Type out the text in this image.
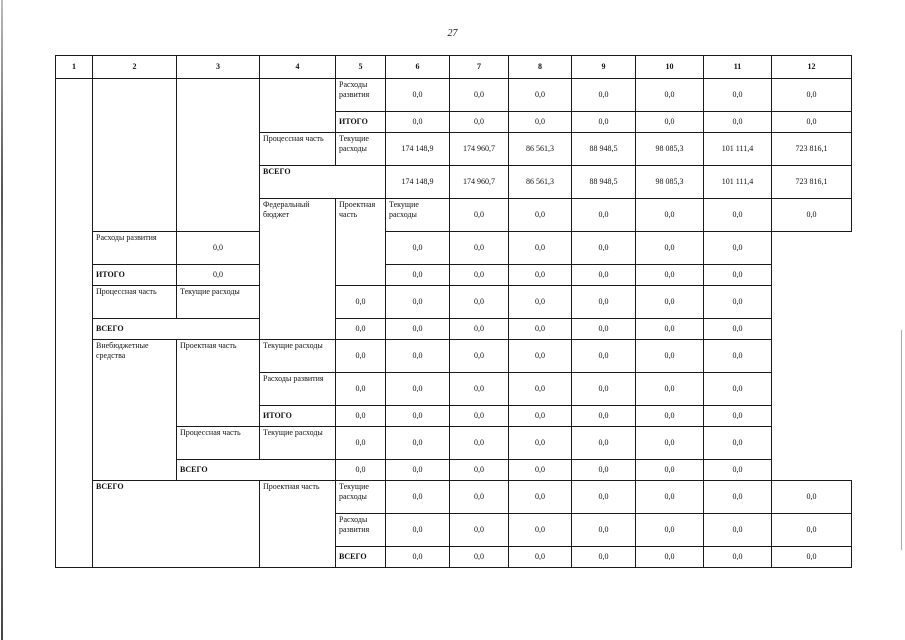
27
1	2	3	4	5	6	7	8	9	10	11	12	
				Расходы развития	0,0	0,0	0,0	0,0	0,0	0,0	0,0	
				ИТОГО	0,0	0,0	0,0	0,0	0,0	0,0	0,0	
			Процессная часть	Текущие расходы	174 148,9	174 960,7	86 561,3	88 948,5	98 085,3	101 111,4	723 816,1	
			ВСЕГО		174 148,9	174 960,7	86 561,3	88 948,5	98 085,3	101 111,4	723 816,1	
			Федеральный бюджет	Проектная часть	Текущие расходы	0,0	0,0	0,0	0,0	0,0	0,0	
	Расходы развития	0,0			0,0	0,0	0,0	0,0	0,0	0,0		
	ИТОГО	0,0			0,0	0,0	0,0	0,0	0,0	0,0		
	Процессная часть	Текущие расходы		0,0	0,0	0,0	0,0	0,0	0,0	0,0		
	ВСЕГО			0,0	0,0	0,0	0,0	0,0	0,0	0,0		
	Внебюджетные средства	Проектная часть	Текущие расходы	0,0	0,0	0,0	0,0	0,0	0,0	0,0		
			Расходы развития	0,0	0,0	0,0	0,0	0,0	0,0	0,0		
			ИТОГО	0,0	0,0	0,0	0,0	0,0	0,0	0,0		
		Процессная часть	Текущие расходы	0,0	0,0	0,0	0,0	0,0	0,0	0,0		
		ВСЕГО		0,0	0,0	0,0	0,0	0,0	0,0	0,0		
	ВСЕГО		Проектная часть	Текущие расходы	0,0	0,0	0,0	0,0	0,0	0,0	0,0	
				Расходы развития	0,0	0,0	0,0	0,0	0,0	0,0	0,0	
				ВСЕГО	0,0	0,0	0,0	0,0	0,0	0,0	0,0	
